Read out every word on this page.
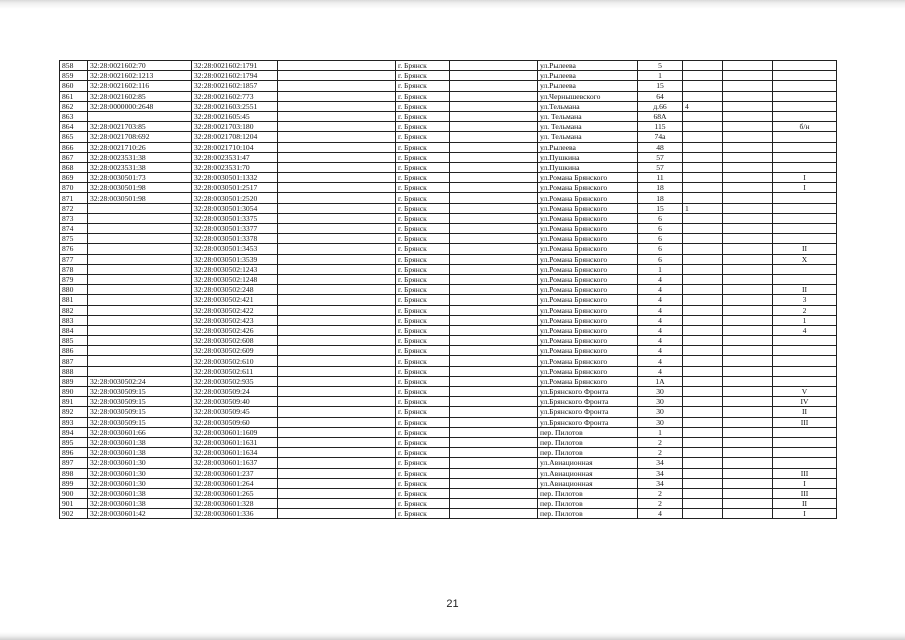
858	32:28:0021602:70	32:28:0021602:1791		г. Брянск		ул.Рылеева	5			
859	32:28:0021602:1213	32:28:0021602:1794		г. Брянск		ул.Рылеева	1			
860	32:28:0021602:116	32:28:0021602:1857		г. Брянск		ул.Рылеева	15			
861	32:28:0021602:85	32:28:0021602:773		г. Брянск		ул.Чернышевского	64			
862	32:28:0000000:2648	32:28:0021603:2551		г. Брянск		ул.Тельмана	д.66	4		
863		32:28:0021605:45		г. Брянск		ул. Тельмана	68А			
864	32:28:0021703:85	32:28:0021703:180		г. Брянск		ул. Тельмана	115			б/н
865	32:28:0021708:692	32:28:0021708:1204		г. Брянск		ул. Тельмана	74а			
866	32:28:0021710:26	32:28:0021710:104		г. Брянск		ул.Рылеева	48			
867	32:28:0023531:38	32:28:0023531:47		г. Брянск		ул.Пушкина	57			
868	32:28:0023531:38	32:28:0023531:70		г. Брянск		ул.Пушкина	57			
869	32:28:0030501:73	32:28:0030501:1332		г. Брянск		ул.Романа Брянского	11			I
870	32:28:0030501:98	32:28:0030501:2517		г. Брянск		ул.Романа Брянского	18			I
871	32:28:0030501:98	32:28:0030501:2520		г. Брянск		ул.Романа Брянского	18			
872		32:28:0030501:3054		г. Брянск		ул.Романа Брянского	15	1		
873		32:28:0030501:3375		г. Брянск		ул.Романа Брянского	6			
874		32:28:0030501:3377		г. Брянск		ул.Романа Брянского	6			
875		32:28:0030501:3378		г. Брянск		ул.Романа Брянского	6			
876		32:28:0030501:3453		г. Брянск		ул.Романа Брянского	6			II
877		32:28:0030501:3539		г. Брянск		ул.Романа Брянского	6			X
878		32:28:0030502:1243		г. Брянск		ул.Романа Брянского	1			
879		32:28:0030502:1248		г. Брянск		ул.Романа Брянского	4			
880		32:28:0030502:248		г. Брянск		ул.Романа Брянского	4			II
881		32:28:0030502:421		г. Брянск		ул.Романа Брянского	4			3
882		32:28:0030502:422		г. Брянск		ул.Романа Брянского	4			2
883		32:28:0030502:423		г. Брянск		ул.Романа Брянского	4			1
884		32:28:0030502:426		г. Брянск		ул.Романа Брянского	4			4
885		32:28:0030502:608		г. Брянск		ул.Романа Брянского	4			
886		32:28:0030502:609		г. Брянск		ул.Романа Брянского	4			
887		32:28:0030502:610		г. Брянск		ул.Романа Брянского	4			
888		32:28:0030502:611		г. Брянск		ул.Романа Брянского	4			
889	32:28:0030502:24	32:28:0030502:935		г. Брянск		ул.Романа Брянского	1А			
890	32:28:0030509:15	32:28:0030509:24		г. Брянск		ул.Брянского Фронта	30			V
891	32:28:0030509:15	32:28:0030509:40		г. Брянск		ул.Брянского Фронта	30			IV
892	32:28:0030509:15	32:28:0030509:45		г. Брянск		ул.Брянского Фронта	30			II
893	32:28:0030509:15	32:28:0030509:60		г. Брянск		ул.Брянского Фронта	30			III
894	32:28:0030601:66	32:28:0030601:1609		г. Брянск		пер. Пилотов	1			
895	32:28:0030601:38	32:28:0030601:1631		г. Брянск		пер. Пилотов	2			
896	32:28:0030601:38	32:28:0030601:1634		г. Брянск		пер. Пилотов	2			
897	32:28:0030601:30	32:28:0030601:1637		г. Брянск		ул.Авиационная	34			
898	32:28:0030601:30	32:28:0030601:237		г. Брянск		ул.Авиационная	34			III
899	32:28:0030601:30	32:28:0030601:264		г. Брянск		ул.Авиационная	34			I
900	32:28:0030601:38	32:28:0030601:265		г. Брянск		пер. Пилотов	2			III
901	32:28:0030601:38	32:28:0030601:328		г. Брянск		пер. Пилотов	2			II
902	32:28:0030601:42	32:28:0030601:336		г. Брянск		пер. Пилотов	4			I
21
